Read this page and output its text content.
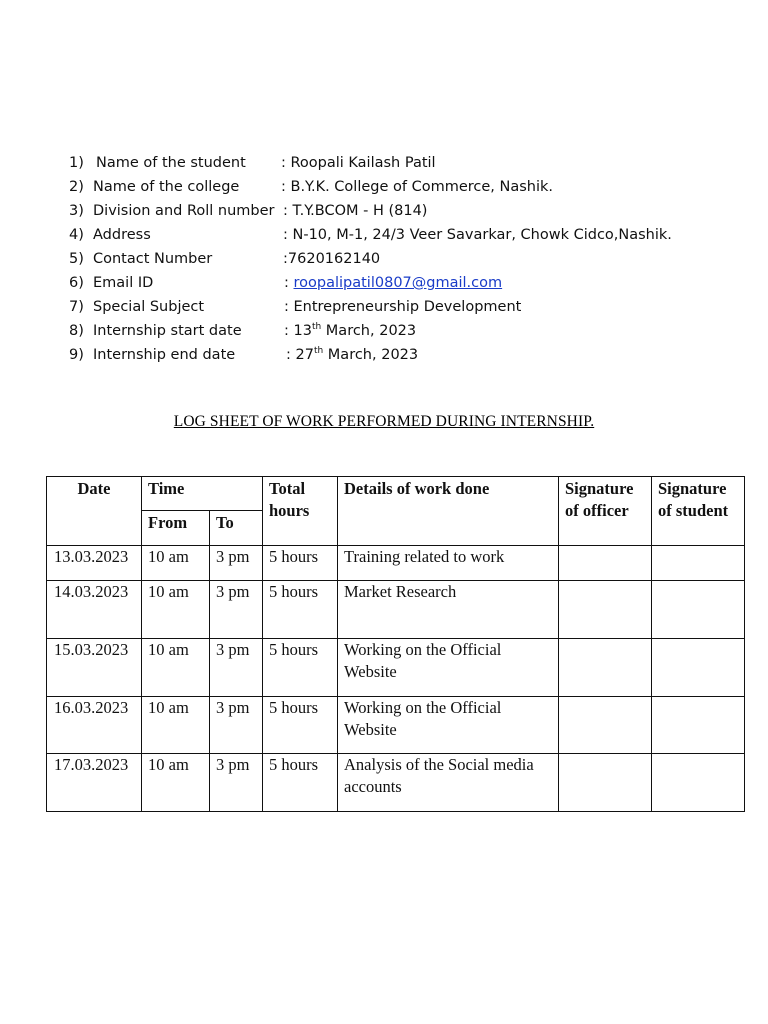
1) Name of the student : Roopali Kailash Patil
2) Name of the college	: B.Y.K. College of Commerce, Nashik.
3) Division and Roll number : T.Y.BCOM - H (814)
4) Address	: N-10, M-1, 24/3 Veer Savarkar, Chowk Cidco,Nashik.
5) Contact Number	:7620162140
6) Email ID	: roopalipatil0807@gmail.com
7) Special Subject	: Entrepreneurship Development
8) Internship start date	: 13th March, 2023
9) Internship end date	: 27th March, 2023
LOG SHEET OF WORK PERFORMED DURING INTERNSHIP.
Date	Time		Total hours	Details of work done	Signature of officer	Signature of student
	From	To				
13.03.2023	10 am	3 pm	5 hours	Training related to work		
14.03.2023	10 am	3 pm	5 hours	Market Research		
15.03.2023	10 am	3 pm	5 hours	Working on the Official Website		
16.03.2023	10 am	3 pm	5 hours	Working on the Official Website		
17.03.2023	10 am	3 pm	5 hours	Analysis of the Social media accounts		
